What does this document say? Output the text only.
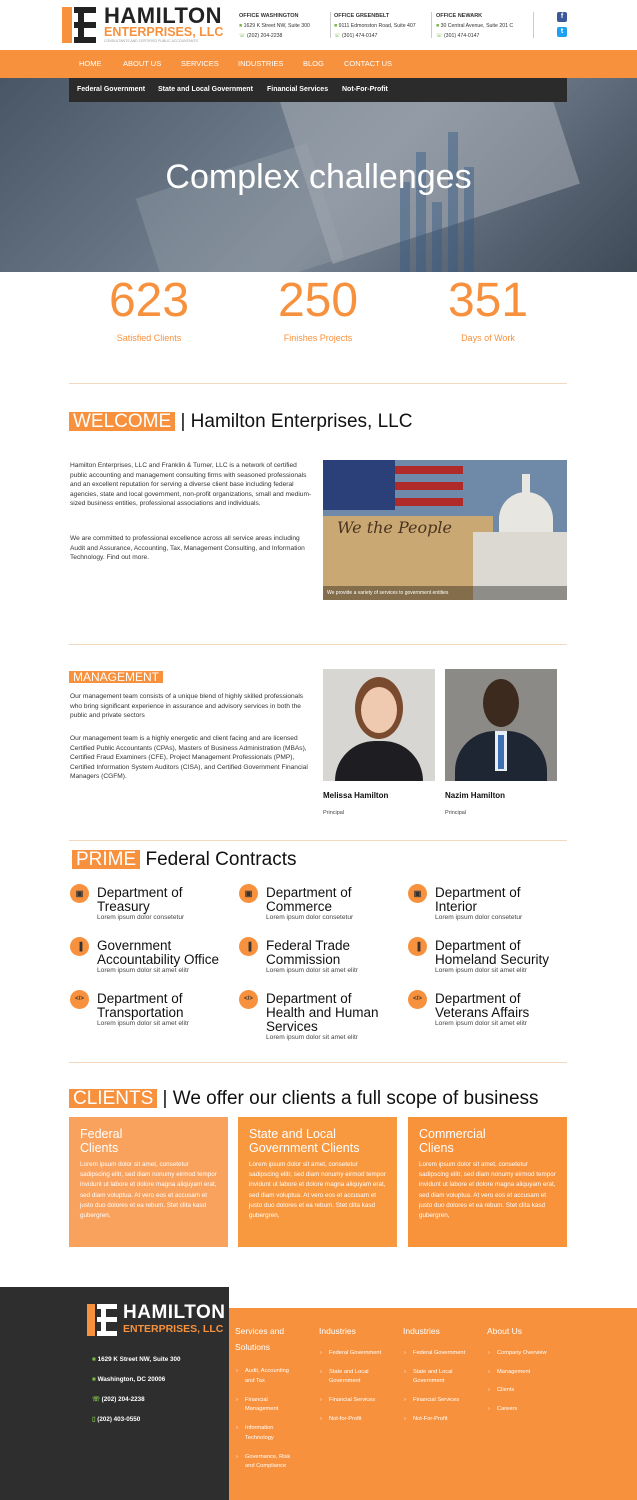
HAMILTON
ENTERPRISES, LLC
CONSULTANTS AND CERTIFIED PUBLIC ACCOUNTANTS
OFFICE WASHINGTON
■ 1629 K Street NW, Suite 300
☏ (202) 204-2238
OFFICE GREENBELT
■ 9111 Edmonston Road, Suite 407
☏ (301) 474-0147
OFFICE NEWARK
■ 30 Central Avenue, Suite 201 C
☏ (301) 474-0147
f
t
HOME	ABOUT US	SERVICES	INDUSTRIES	BLOG	CONTACT US
Federal Government State and Local Government Financial Services Not-For-Profit
Complex challenges
623
Satisfied Clients
250
Finishes Projects
351
Days of Work
WELCOME | Hamilton Enterprises, LLC
Hamilton Enterprises, LLC and Franklin & Turner, LLC is a network of certified public accounting and management consulting firms with seasoned professionals and an excellent reputation for serving a diverse client base including federal agencies, state and local government, non-profit organizations, small and medium-sized business entities, professional associations and individuals.
We are committed to professional excellence across all service areas including Audit and Assurance, Accounting, Tax, Management Consulting, and Information Technology. Find out more.
We the People
We provide a variety of services to government entities
MANAGEMENT
Our management team consists of a unique blend of highly skilled professionals who bring significant experience in assurance and advisory services in both the public and private sectors
Our management team is a highly energetic and client facing and are licensed Certified Public Accountants (CPAs), Masters of Business Administration (MBAs), Certified Fraud Examiners (CFE), Project Management Professionals (PMP), Certified Information System Auditors (CISA), and Certified Government Financial Managers (CGFM).
Melissa Hamilton
Principal
Nazim Hamilton
Principal
PRIME Federal Contracts
▣	Department of
Treasury
Lorem ipsum dolor consetetur
▣	Department of
Commerce
Lorem ipsum dolor consetetur
▣	Department of
Interior
Lorem ipsum dolor consetetur
▐	Government
Accountability Office
Lorem ipsum dolor sit amet elitr
▐	Federal Trade
Commission
Lorem ipsum dolor sit amet elitr
▐	Department of
Homeland Security
Lorem ipsum dolor sit amet elitr
</> Department of
Transportation
Lorem ipsum dolor sit amet elitr
</> Department of
Health and Human
Services
Lorem ipsum dolor sit amet elitr
</> Department of
Veterans Affairs
Lorem ipsum dolor sit amet elitr
CLIENTS | We offer our clients a full scope of business
Federal
Clients
Lorem ipsum dolor sit amet, consetetur sadipscing elitr, sed diam nonumy eirmod tempor invidunt ut labore et dolore magna aliquyam erat, sed diam voluptua. At vero eos et accusam et justo duo dolores et ea rebum. Stet clita kasd gubergren,
State and Local
Government Clients
Lorem ipsum dolor sit amet, consetetur sadipscing elitr, sed diam nonumy eirmod tempor invidunt ut labore et dolore magna aliquyam erat, sed diam voluptua. At vero eos et accusam et justo duo dolores et ea rebum. Stet clita kasd gubergren,
Commercial
Cliens
Lorem ipsum dolor sit amet, consetetur sadipscing elitr, sed diam nonumy eirmod tempor invidunt ut labore et dolore magna aliquyam erat, sed diam voluptua. At vero eos et accusam et justo duo dolores et ea rebum. Stet clita kasd gubergren,
HAMILTON
ENTERPRISES, LLC
■ 1629 K Street NW, Suite 300
■ Washington, DC 20006
☏ (202) 204-2238
▯ (202) 403-0550
Services and
Solutions
› Audit, Accounting
and Tax
› Financial
Management
› Information
Technology
› Governance, Risk
and Compliance
Industries
› Federal Government
› State and Local
Government
› Financial Services
› Not-for-Profit
Industries
› Federal Government
› State and Local
Government
› Financial Services
› Not-For-Profit
About Us
› Company Overview
› Management
› Clients
› Careers
